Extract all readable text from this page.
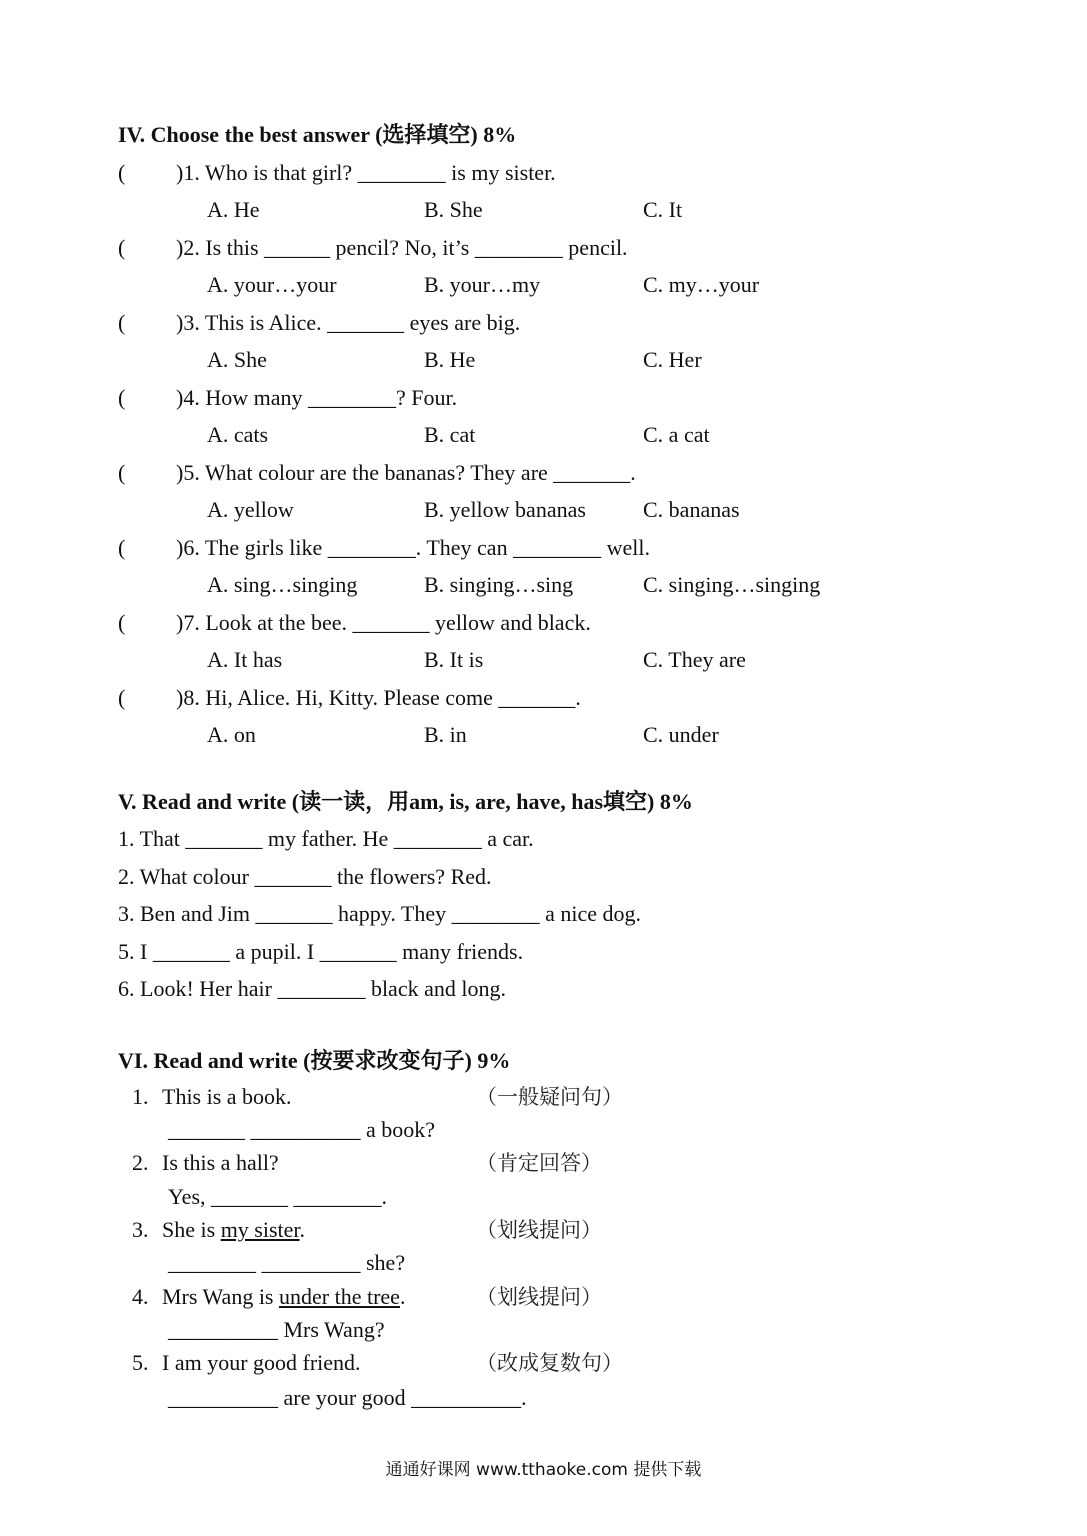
IV. Choose the best answer (选择填空) 8%
( )1. Who is that girl? ________ is my sister.
A. He	B. She	C. It
( )2. Is this ______ pencil? No, it’s ________ pencil.
A. your…your	B. your…my	C. my…your
( )3. This is Alice. _______ eyes are big.
A. She	B. He	C. Her
( )4. How many ________? Four.
A. cats	B. cat	C. a cat
( )5. What colour are the bananas? They are _______.
A. yellow	B. yellow bananas	C. bananas
( )6. The girls like ________. They can ________ well.
A. sing…singing	B. singing…sing	C. singing…singing
( )7. Look at the bee. _______ yellow and black.
A. It has	B. It is	C. They are
( )8. Hi, Alice. Hi, Kitty. Please come _______.
A. on	B. in	C. under
V. Read and write (读一读，用am, is, are, have, has填空) 8%
1. That _______ my father. He ________ a car.
2. What colour _______ the flowers? Red.
3. Ben and Jim _______ happy. They ________ a nice dog.
5. I _______ a pupil. I _______ many friends.
6. Look! Her hair ________ black and long.
VI. Read and write (按要求改变句子) 9%
1. This is a book.	（一般疑问句）
_______ __________ a book?
2. Is this a hall?	（肯定回答）
Yes, _______ ________.
3. She is my sister.	（划线提问）
________ _________ she?
4. Mrs Wang is under the tree.	（划线提问）
__________ Mrs Wang?
5. I am your good friend.	（改成复数句）
__________ are your good __________.
通通好课网 www.tthaoke.com 提供下载
